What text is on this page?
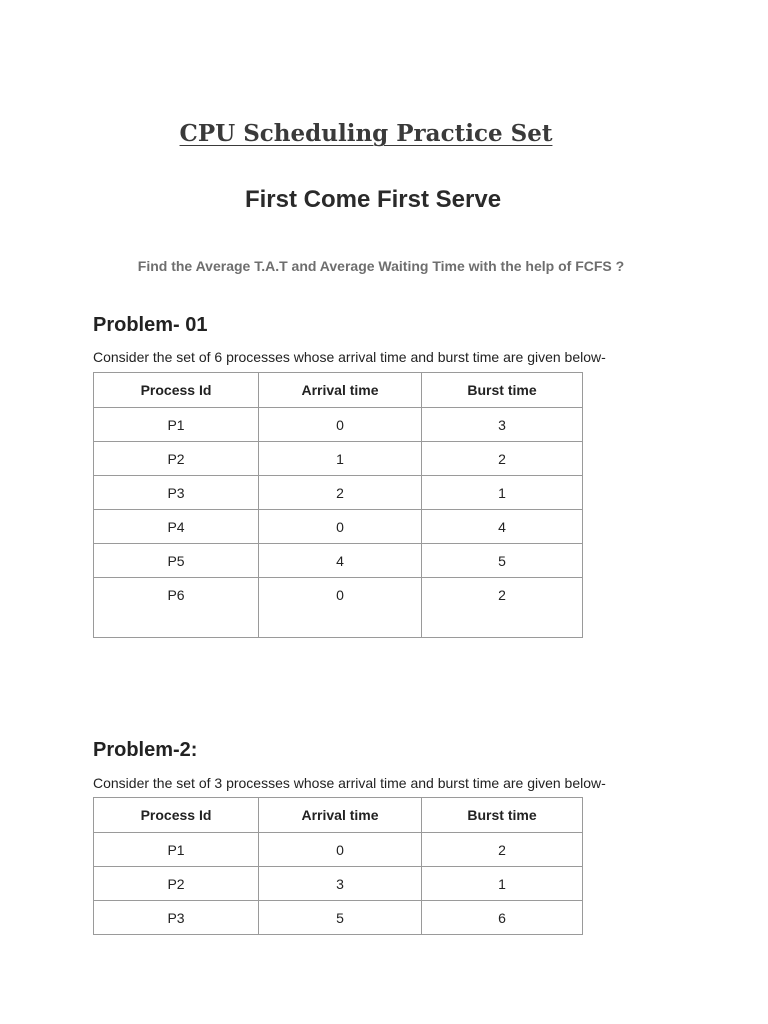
CPU Scheduling Practice Set
First Come First Serve

Find the Average T.A.T and Average Waiting Time with the help of FCFS ?

Problem- 01

Consider the set of 6 processes whose arrival time and burst time are given below-

Process Id	Arrival time	Burst time
P1	0	3
P2	1	2
P3	2	1
P4	0	4
P5	4	5
P6	0	2
Problem-2:

Consider the set of 3 processes whose arrival time and burst time are given below-

Process Id	Arrival time	Burst time
P1	0	2
P2	3	1
P3	5	6
